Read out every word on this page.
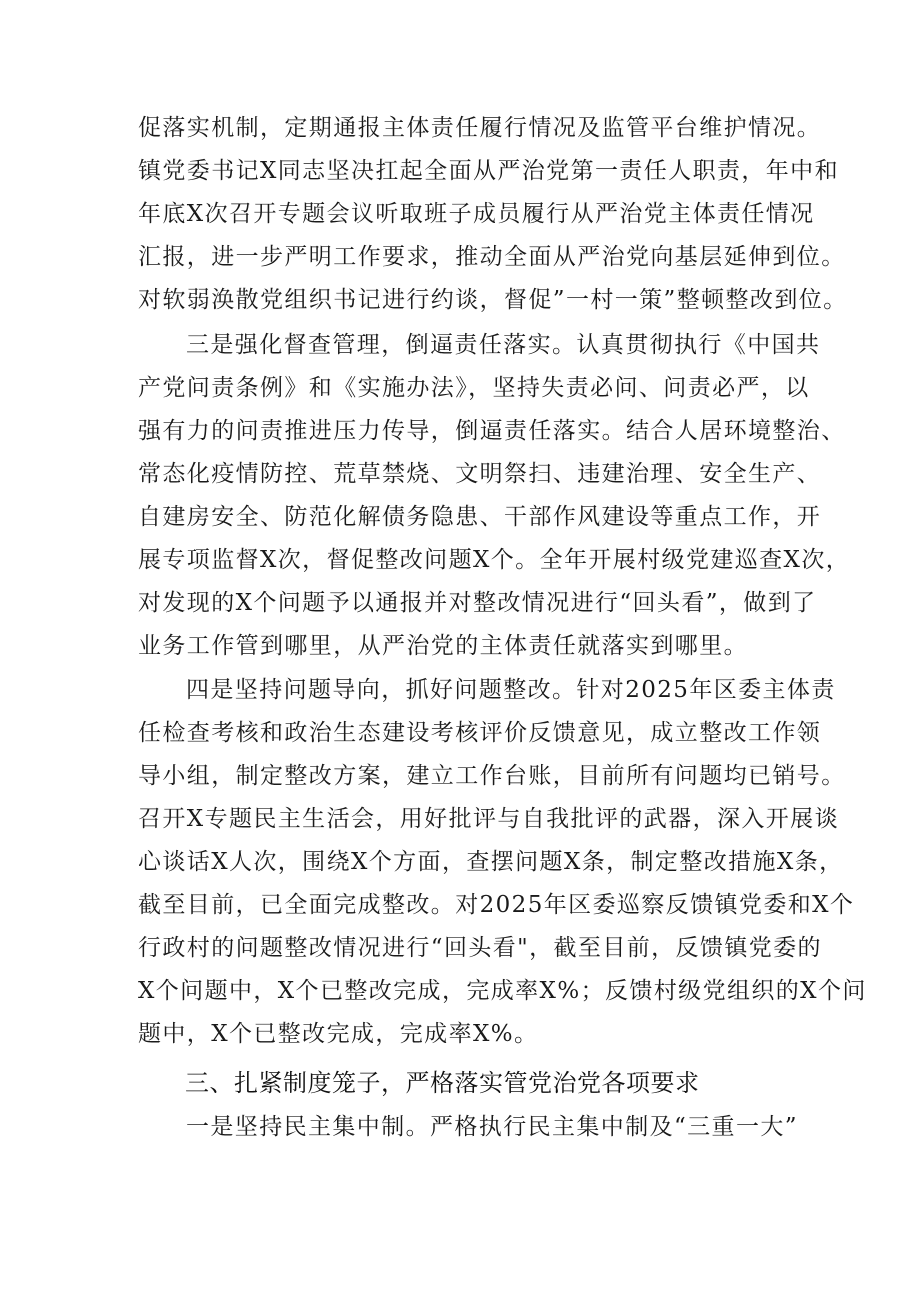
促落实机制，定期通报主体责任履行情况及监管平台维护情况。
镇党委书记X同志坚决扛起全面从严治党第一责任人职责，年中和
年底X次召开专题会议听取班子成员履行从严治党主体责任情况
汇报，进一步严明工作要求，推动全面从严治党向基层延伸到位。
对软弱涣散党组织书记进行约谈，督促”一村一策”整顿整改到位。
三是强化督查管理，倒逼责任落实。认真贯彻执行《中国共
产党问责条例》和《实施办法》，坚持失责必问、问责必严，以
强有力的问责推进压力传导，倒逼责任落实。结合人居环境整治、
常态化疫情防控、荒草禁烧、文明祭扫、违建治理、安全生产、
自建房安全、防范化解债务隐患、干部作风建设等重点工作，开
展专项监督X次，督促整改问题X个。全年开展村级党建巡查X次，
对发现的X个问题予以通报并对整改情况进行“回头看”，做到了
业务工作管到哪里，从严治党的主体责任就落实到哪里。
四是坚持问题导向，抓好问题整改。针对2025年区委主体责
任检查考核和政治生态建设考核评价反馈意见，成立整改工作领
导小组，制定整改方案，建立工作台账，目前所有问题均已销号。
召开X专题民主生活会，用好批评与自我批评的武器，深入开展谈
心谈话X人次，围绕X个方面，查摆问题X条，制定整改措施X条，
截至目前，已全面完成整改。对2025年区委巡察反馈镇党委和X个
行政村的问题整改情况进行“回头看"，截至目前，反馈镇党委的
X个问题中，X个已整改完成，完成率X%；反馈村级党组织的X个问
题中，X个已整改完成，完成率X%。
三、扎紧制度笼子，严格落实管党治党各项要求
一是坚持民主集中制。严格执行民主集中制及“三重一大”
